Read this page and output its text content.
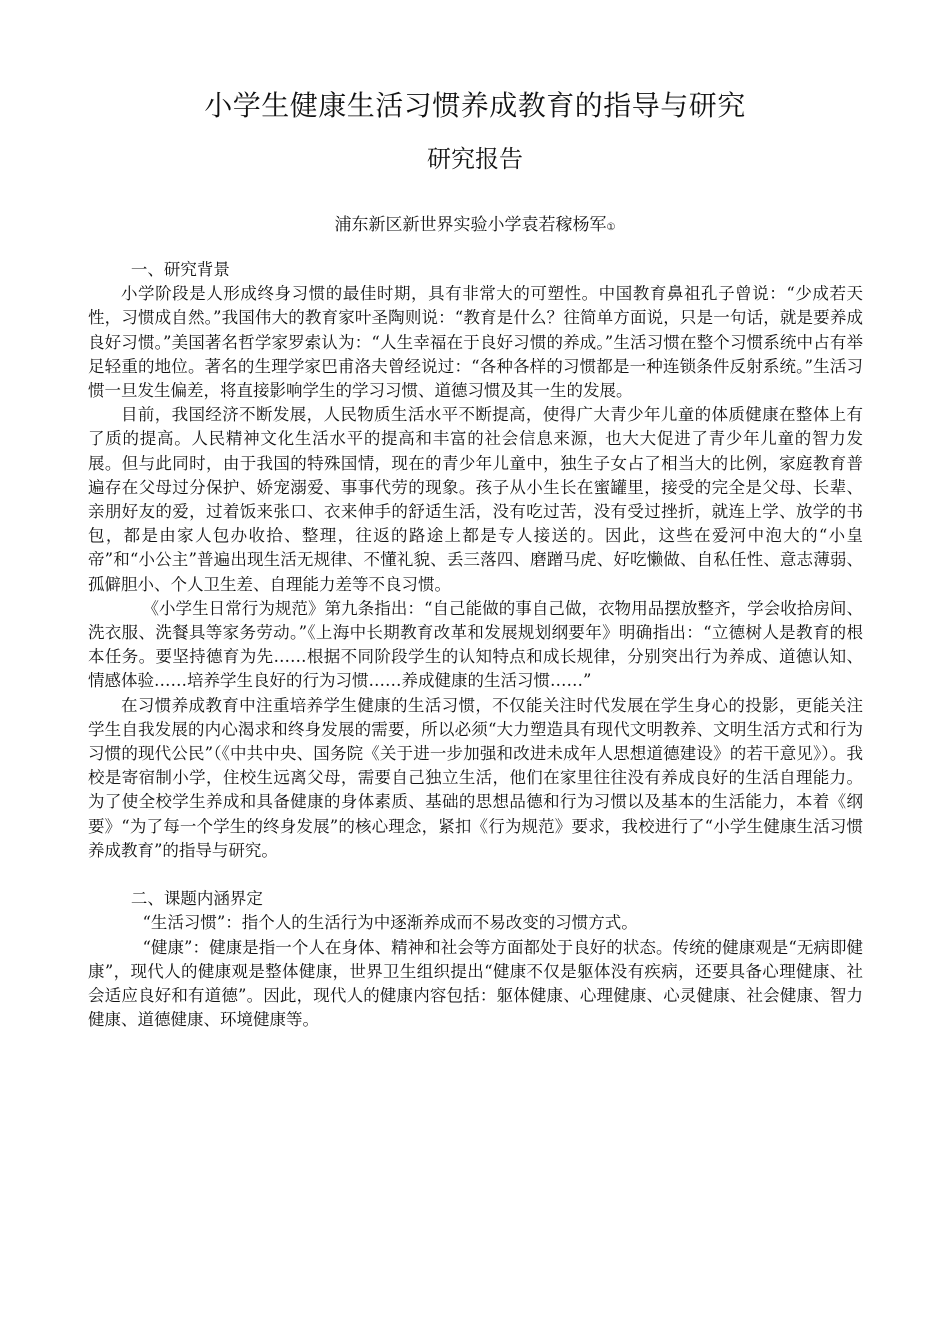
小学生健康生活习惯养成教育的指导与研究
研究报告
浦东新区新世界实验小学袁若稼杨军①

一、研究背景

小学阶段是人形成终身习惯的最佳时期，具有非常大的可塑性。中国教育鼻祖孔子曾说：“少成若天性，习惯成自然。”我国伟大的教育家叶圣陶则说：“教育是什么？往简单方面说，只是一句话，就是要养成良好习惯。”美国著名哲学家罗索认为：“人生幸福在于良好习惯的养成。”生活习惯在整个习惯系统中占有举足轻重的地位。著名的生理学家巴甫洛夫曾经说过：“各种各样的习惯都是一种连锁条件反射系统。”生活习惯一旦发生偏差，将直接影响学生的学习习惯、道德习惯及其一生的发展。

目前，我国经济不断发展，人民物质生活水平不断提高，使得广大青少年儿童的体质健康在整体上有了质的提高。人民精神文化生活水平的提高和丰富的社会信息来源，也大大促进了青少年儿童的智力发展。但与此同时，由于我国的特殊国情，现在的青少年儿童中，独生子女占了相当大的比例，家庭教育普遍存在父母过分保护、娇宠溺爱、事事代劳的现象。孩子从小生长在蜜罐里，接受的完全是父母、长辈、亲朋好友的爱，过着饭来张口、衣来伸手的舒适生活，没有吃过苦，没有受过挫折，就连上学、放学的书包，都是由家人包办收拾、整理，往返的路途上都是专人接送的。因此，这些在爱河中泡大的“小皇帝”和“小公主”普遍出现生活无规律、不懂礼貌、丢三落四、磨蹭马虎、好吃懒做、自私任性、意志薄弱、孤僻胆小、个人卫生差、自理能力差等不良习惯。

《小学生日常行为规范》第九条指出：“自己能做的事自己做，衣物用品摆放整齐，学会收拾房间、洗衣服、洗餐具等家务劳动。”《上海中长期教育改革和发展规划纲要年》明确指出：“立德树人是教育的根本任务。要坚持德育为先……根据不同阶段学生的认知特点和成长规律，分别突出行为养成、道德认知、情感体验……培养学生良好的行为习惯……养成健康的生活习惯……”

在习惯养成教育中注重培养学生健康的生活习惯，不仅能关注时代发展在学生身心的投影，更能关注学生自我发展的内心渴求和终身发展的需要，所以必须“大力塑造具有现代文明教养、文明生活方式和行为习惯的现代公民”（《中共中央、国务院《关于进一步加强和改进未成年人思想道德建设》的若干意见》）。我校是寄宿制小学，住校生远离父母，需要自己独立生活，他们在家里往往没有养成良好的生活自理能力。为了使全校学生养成和具备健康的身体素质、基础的思想品德和行为习惯以及基本的生活能力，本着《纲要》“为了每一个学生的终身发展”的核心理念，紧扣《行为规范》要求，我校进行了“小学生健康生活习惯养成教育”的指导与研究。

二、课题内涵界定

“生活习惯”：指个人的生活行为中逐渐养成而不易改变的习惯方式。

“健康”：健康是指一个人在身体、精神和社会等方面都处于良好的状态。传统的健康观是“无病即健康”，现代人的健康观是整体健康，世界卫生组织提出“健康不仅是躯体没有疾病，还要具备心理健康、社会适应良好和有道德”。因此，现代人的健康内容包括：躯体健康、心理健康、心灵健康、社会健康、智力健康、道德健康、环境健康等。
